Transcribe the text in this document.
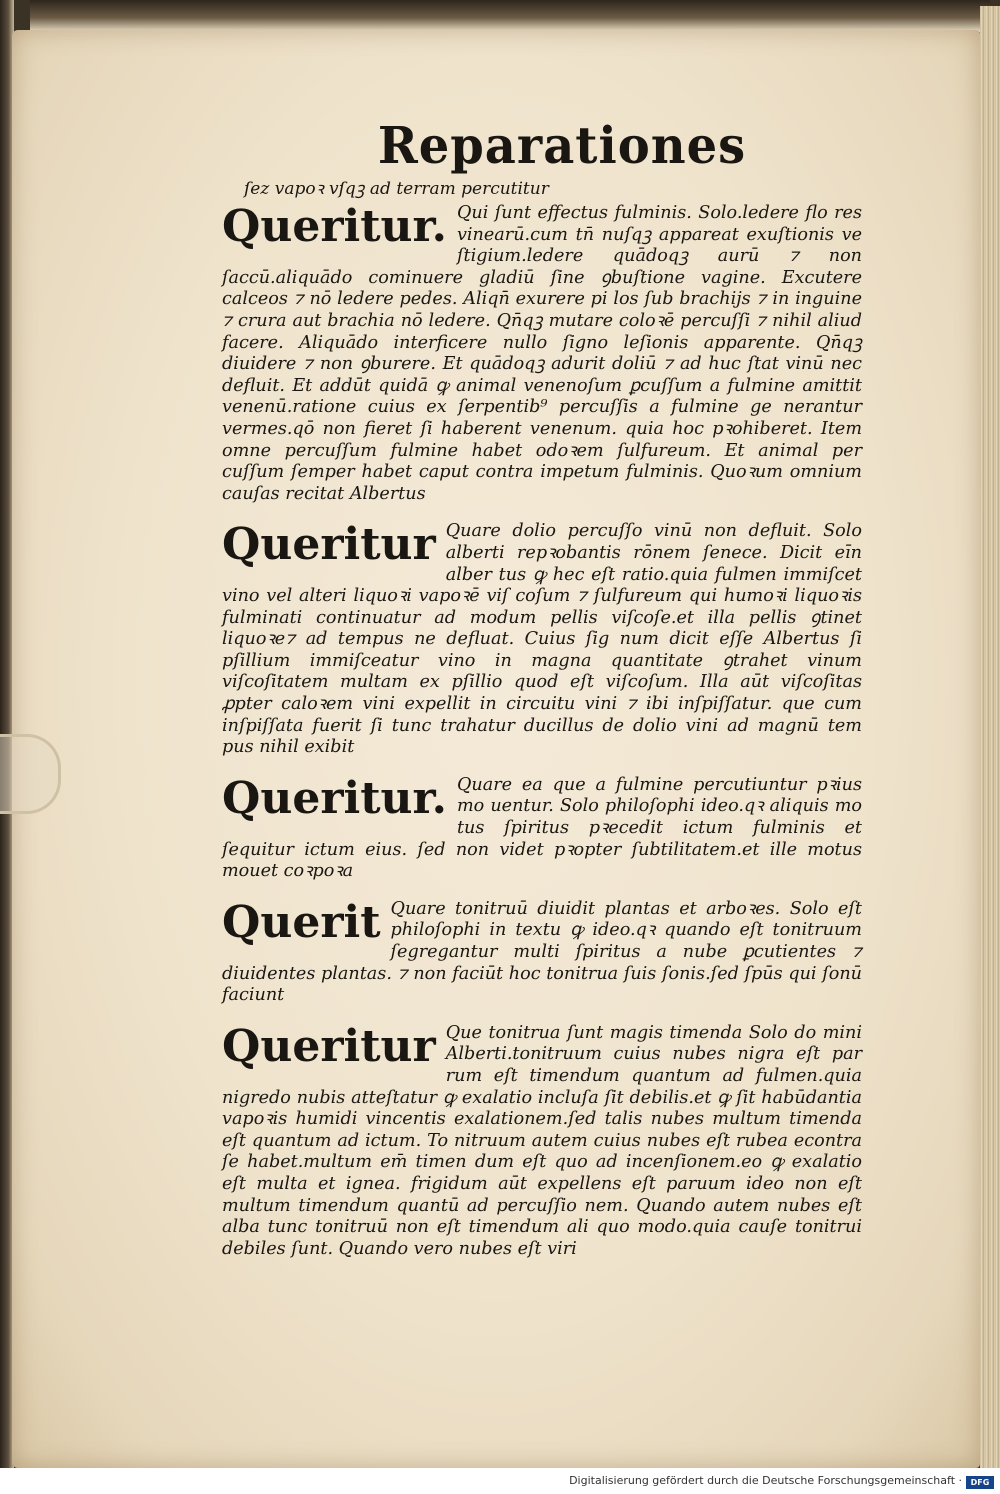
Reparationes
ſez vapoꝛ vſqꝫ ad terram percutitur
Queritur. Qui ſunt effectus fulminis. Solo.ledere flo res vinearū.cum tn̄ nuſqꝫ appareat exuſtionis ve ſtigium.ledere quādoqꝫ aurū ⁊ non ſaccū.aliquādo cominuere gladiū ſine ꝯbuſtione vagine. Excutere calceos ⁊ nō ledere pedes. Aliqn̄ exurere pi los ſub brachijs ⁊ in inguine ⁊ crura aut brachia nō ledere. Qn̄qꝫ mutare coloꝛē percuſſi ⁊ nihil aliud facere. Aliquādo interficere nullo ſigno leſionis apparente. Qn̄qꝫ diuidere ⁊ non ꝯburere. Et quādoqꝫ adurit doliū ⁊ ad huc ſtat vinū nec defluit. Et addūt quidā ꝙ animal venenoſum ꝑcuſſum a fulmine amittit venenū.ratione cuius ex ſerpentib⁹ percuſſis a fulmine ge nerantur vermes.qō non fieret ſi haberent venenum. quia hoc pꝛohiberet. Item omne percuſſum fulmine habet odoꝛem ſulfureum. Et animal per cuſſum ſemper habet caput contra impetum fulminis. Quoꝛum omnium cauſas recitat Albertus
Queritur Quare dolio percuſſo vinū non defluit. Solo alberti repꝛobantis rōnem ſenece. Dicit eīn alber tus ꝙ hec eſt ratio.quia fulmen immiſcet vino vel alteri liquoꝛi vapoꝛē viſ coſum ⁊ ſulfureum qui humoꝛi liquoꝛis fulminati continuatur ad modum pellis viſcoſe.et illa pellis ꝯtinet liquoꝛe⁊ ad tempus ne defluat. Cuius ſig num dicit eſſe Albertus ſi pſillium immiſceatur vino in magna quantitate ꝯtrahet vinum viſcoſitatem multam ex pſillio quod eſt viſcoſum. Illa aūt viſcoſitas ꝓpter caloꝛem vini expellit in circuitu vini ⁊ ibi inſpiſſatur. que cum inſpiſſata fuerit ſi tunc trahatur ducillus de dolio vini ad magnū tem pus nihil exibit
Queritur. Quare ea que a fulmine percutiuntur pꝛius mo uentur. Solo philoſophi ideo.qꝛ aliquis mo tus ſpiritus pꝛecedit ictum fulminis et ſequitur ictum eius. ſed non videt pꝛopter ſubtilitatem.et ille motus mouet coꝛpoꝛa
Querit Quare tonitruū diuidit plantas et arboꝛes. Solo eſt philoſophi in textu ꝙ ideo.qꝛ quando eſt tonitruum ſegregantur multi ſpiritus a nube ꝑcutientes ⁊ diuidentes plantas. ⁊ non faciūt hoc tonitrua ſuis ſonis.ſed ſpūs qui ſonū faciunt
Queritur Que tonitrua ſunt magis timenda Solo do mini Alberti.tonitruum cuius nubes nigra eſt par rum eſt timendum quantum ad fulmen.quia nigredo nubis atteſtatur ꝙ exalatio incluſa ſit debilis.et ꝙ ſit habūdantia vapoꝛis humidi vincentis exalationem.ſed talis nubes multum timenda eſt quantum ad ictum. To nitruum autem cuius nubes eſt rubea econtra ſe habet.multum em̄ timen dum eſt quo ad incenſionem.eo ꝙ exalatio eſt multa et ignea. frigidum aūt expellens eſt paruum ideo non eſt multum timendum quantū ad percuſſio nem. Quando autem nubes eſt alba tunc tonitruū non eſt timendum ali quo modo.quia cauſe tonitrui debiles ſunt. Quando vero nubes eſt viri
Digitalisierung gefördert durch die Deutsche Forschungsgemeinschaft ·	DFG
